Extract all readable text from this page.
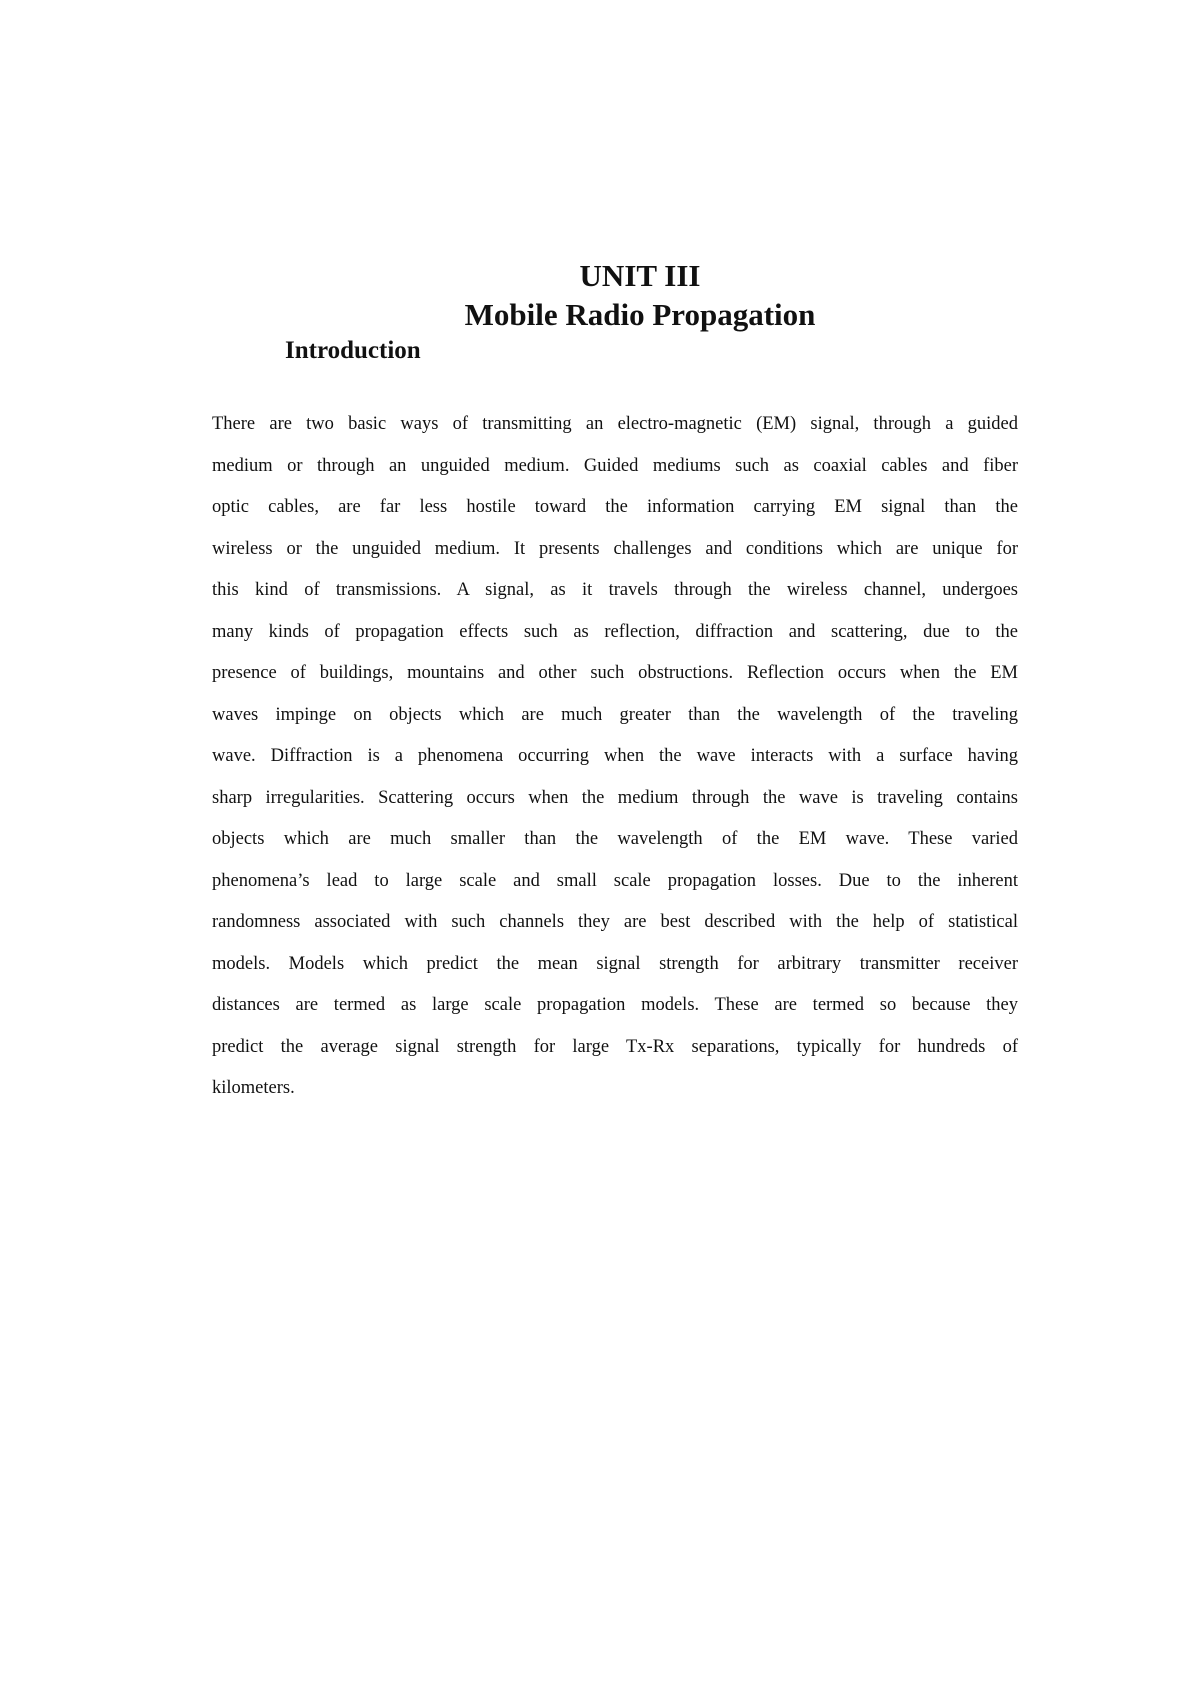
UNIT III
Mobile Radio Propagation
Introduction
There are two basic ways of transmitting an electro-magnetic (EM) signal, through a guided
medium or through an unguided medium. Guided mediums such as coaxial cables and fiber
optic cables, are far less hostile toward the information carrying EM signal than the
wireless or the unguided medium. It presents challenges and conditions which are unique for
this kind of transmissions. A signal, as it travels through the wireless channel, undergoes
many kinds of propagation effects such as reflection, diffraction and scattering, due to the
presence of buildings, mountains and other such obstructions. Reflection occurs when the EM
waves impinge on objects which are much greater than the wavelength of the traveling
wave. Diffraction is a phenomena occurring when the wave interacts with a surface having
sharp irregularities. Scattering occurs when the medium through the wave is traveling contains
objects which are much smaller than the wavelength of the EM wave. These varied
phenomena’s lead to large scale and small scale propagation losses. Due to the inherent
randomness associated with such channels they are best described with the help of statistical
models. Models which predict the mean signal strength for arbitrary transmitter receiver
distances are termed as large scale propagation models. These are termed so because they
predict the average signal strength for large Tx-Rx separations, typically for hundreds of
kilometers.
